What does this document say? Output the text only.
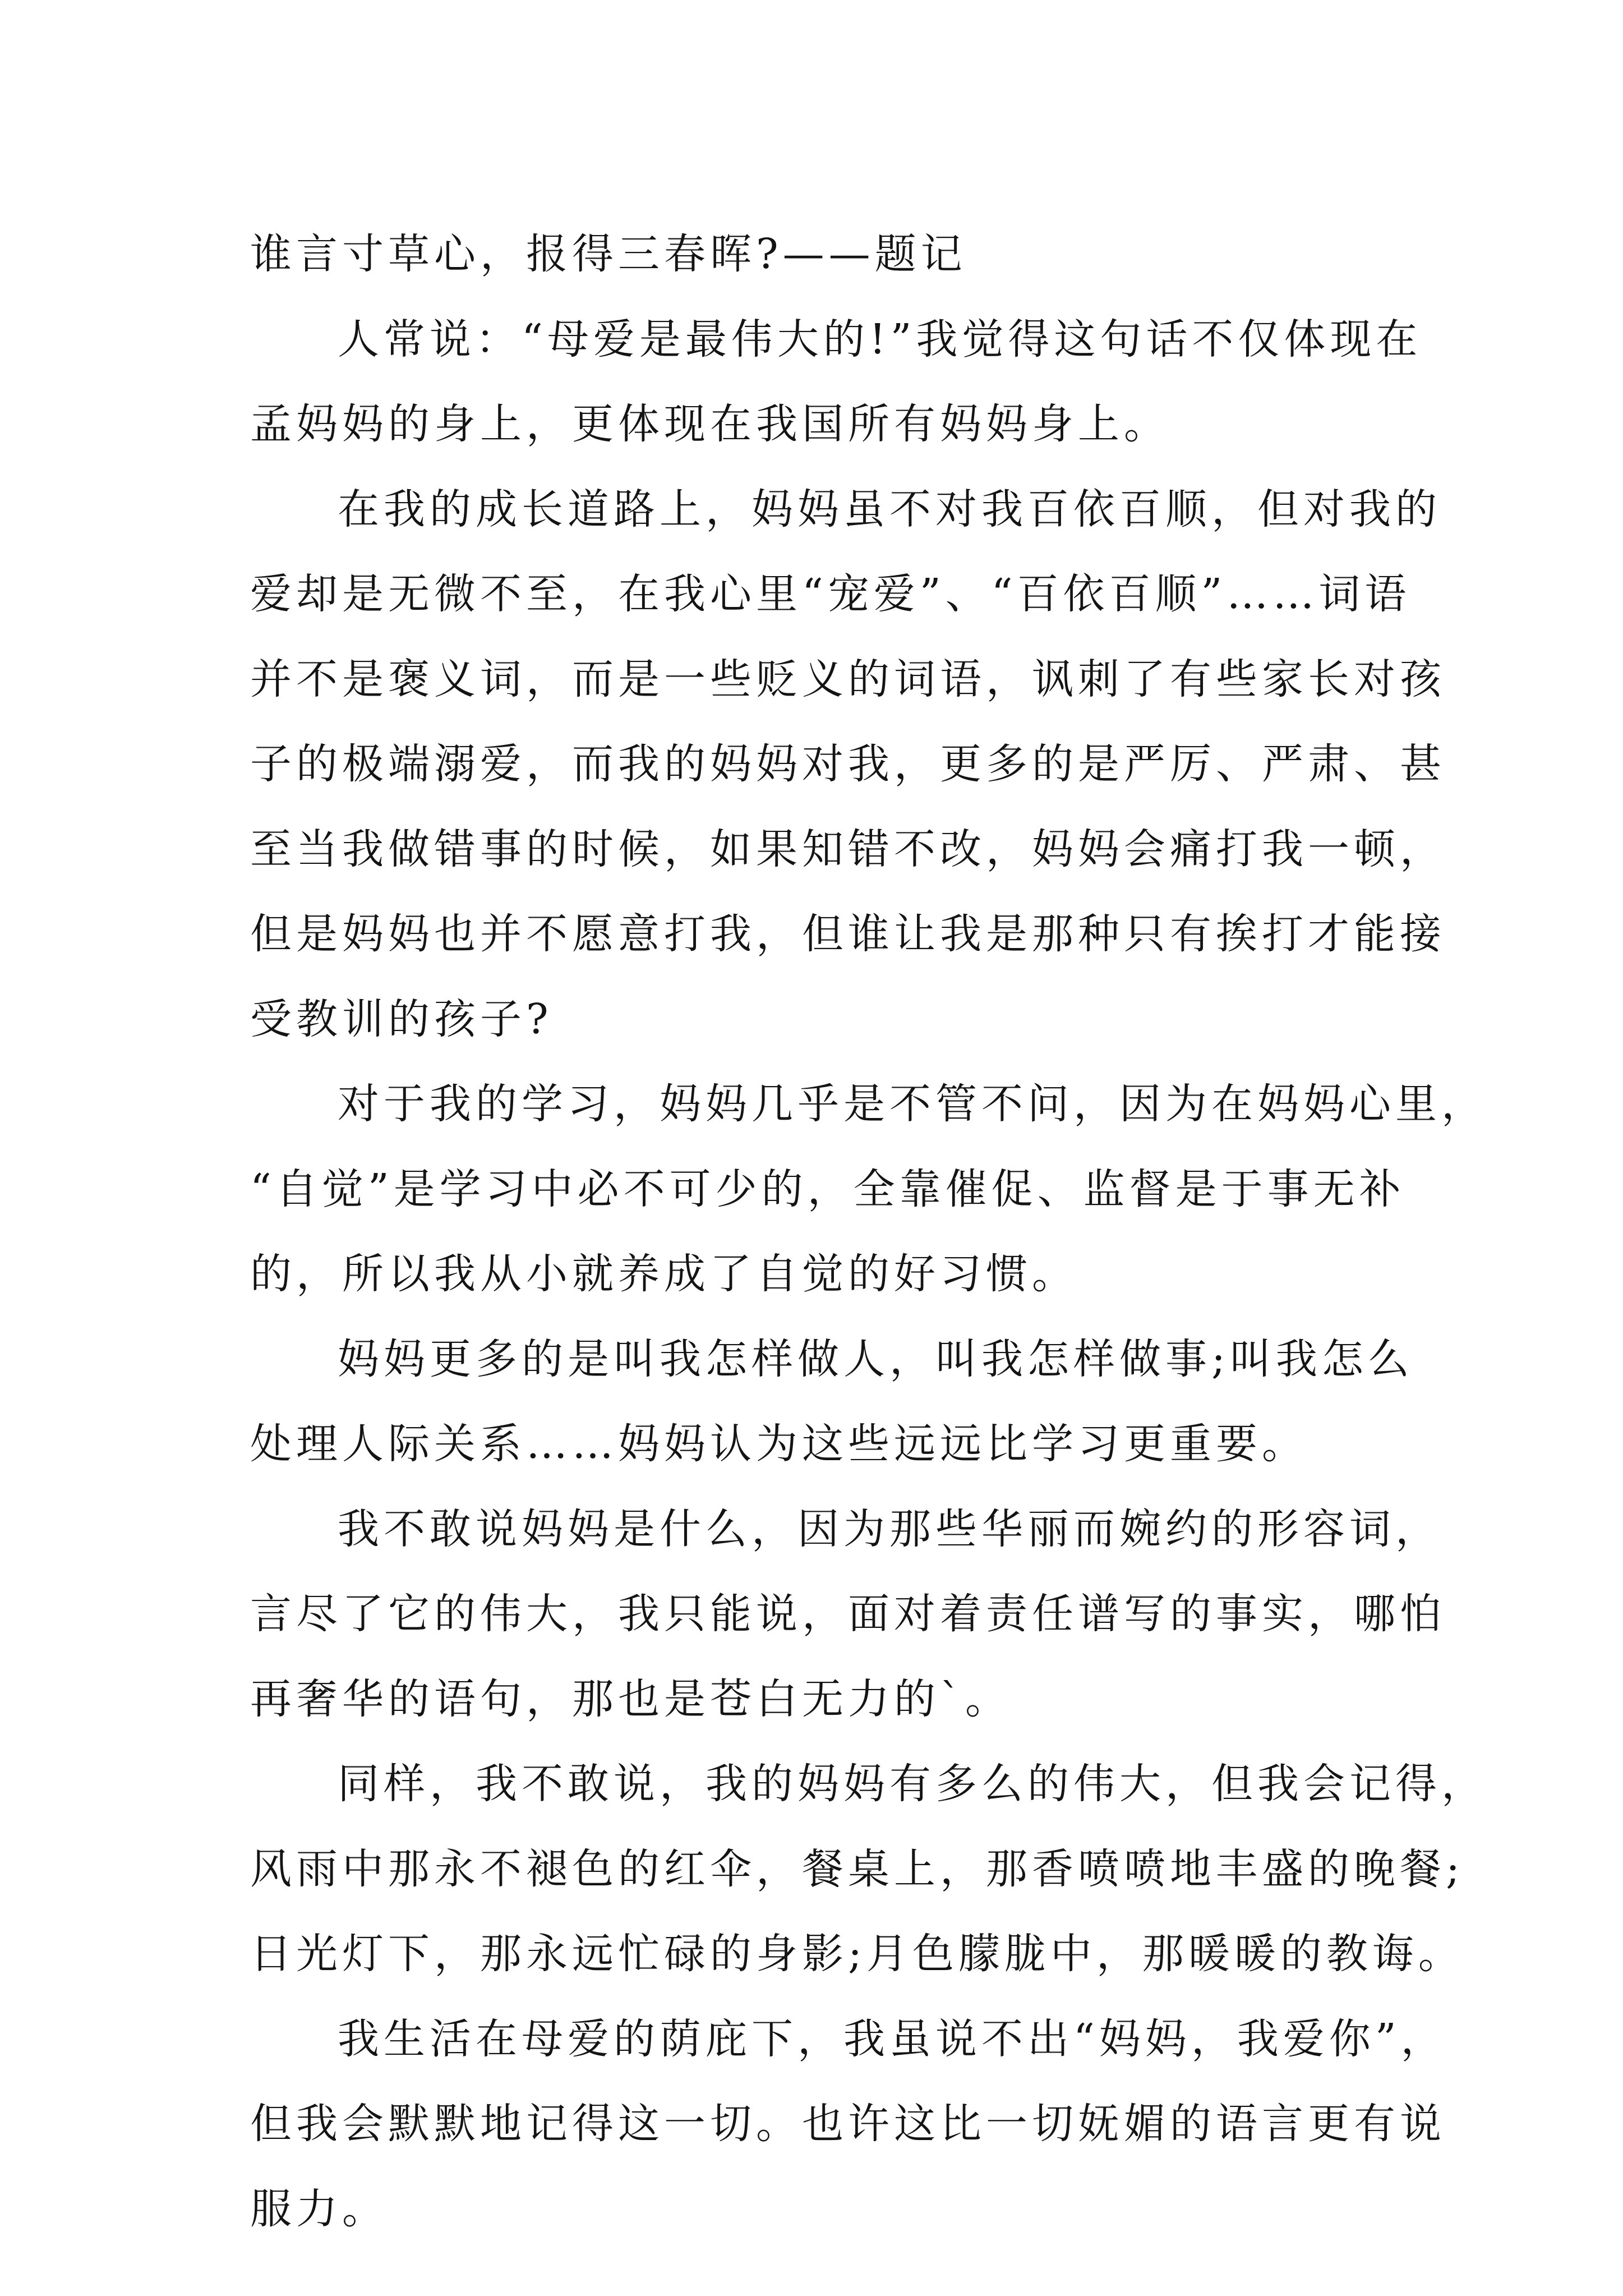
谁言寸草心，报得三春晖?——题记
人常说：“母爱是最伟大的!”我觉得这句话不仅体现在
孟妈妈的身上，更体现在我国所有妈妈身上。
在我的成长道路上，妈妈虽不对我百依百顺，但对我的
爱却是无微不至，在我心里“宠爱”、“百依百顺”……词语
并不是褒义词，而是一些贬义的词语，讽刺了有些家长对孩
子的极端溺爱，而我的妈妈对我，更多的是严厉、严肃、甚
至当我做错事的时候，如果知错不改，妈妈会痛打我一顿，
但是妈妈也并不愿意打我，但谁让我是那种只有挨打才能接
受教训的孩子?
对于我的学习，妈妈几乎是不管不问，因为在妈妈心里，
“自觉”是学习中必不可少的，全靠催促、监督是于事无补
的，所以我从小就养成了自觉的好习惯。
妈妈更多的是叫我怎样做人，叫我怎样做事;叫我怎么
处理人际关系……妈妈认为这些远远比学习更重要。
我不敢说妈妈是什么，因为那些华丽而婉约的形容词，
言尽了它的伟大，我只能说，面对着责任谱写的事实，哪怕
再奢华的语句，那也是苍白无力的`。
同样，我不敢说，我的妈妈有多么的伟大，但我会记得，
风雨中那永不褪色的红伞，餐桌上，那香喷喷地丰盛的晚餐;
日光灯下，那永远忙碌的身影;月色朦胧中，那暖暖的教诲。
我生活在母爱的荫庇下，我虽说不出“妈妈，我爱你”，
但我会默默地记得这一切。也许这比一切妩媚的语言更有说
服力。
